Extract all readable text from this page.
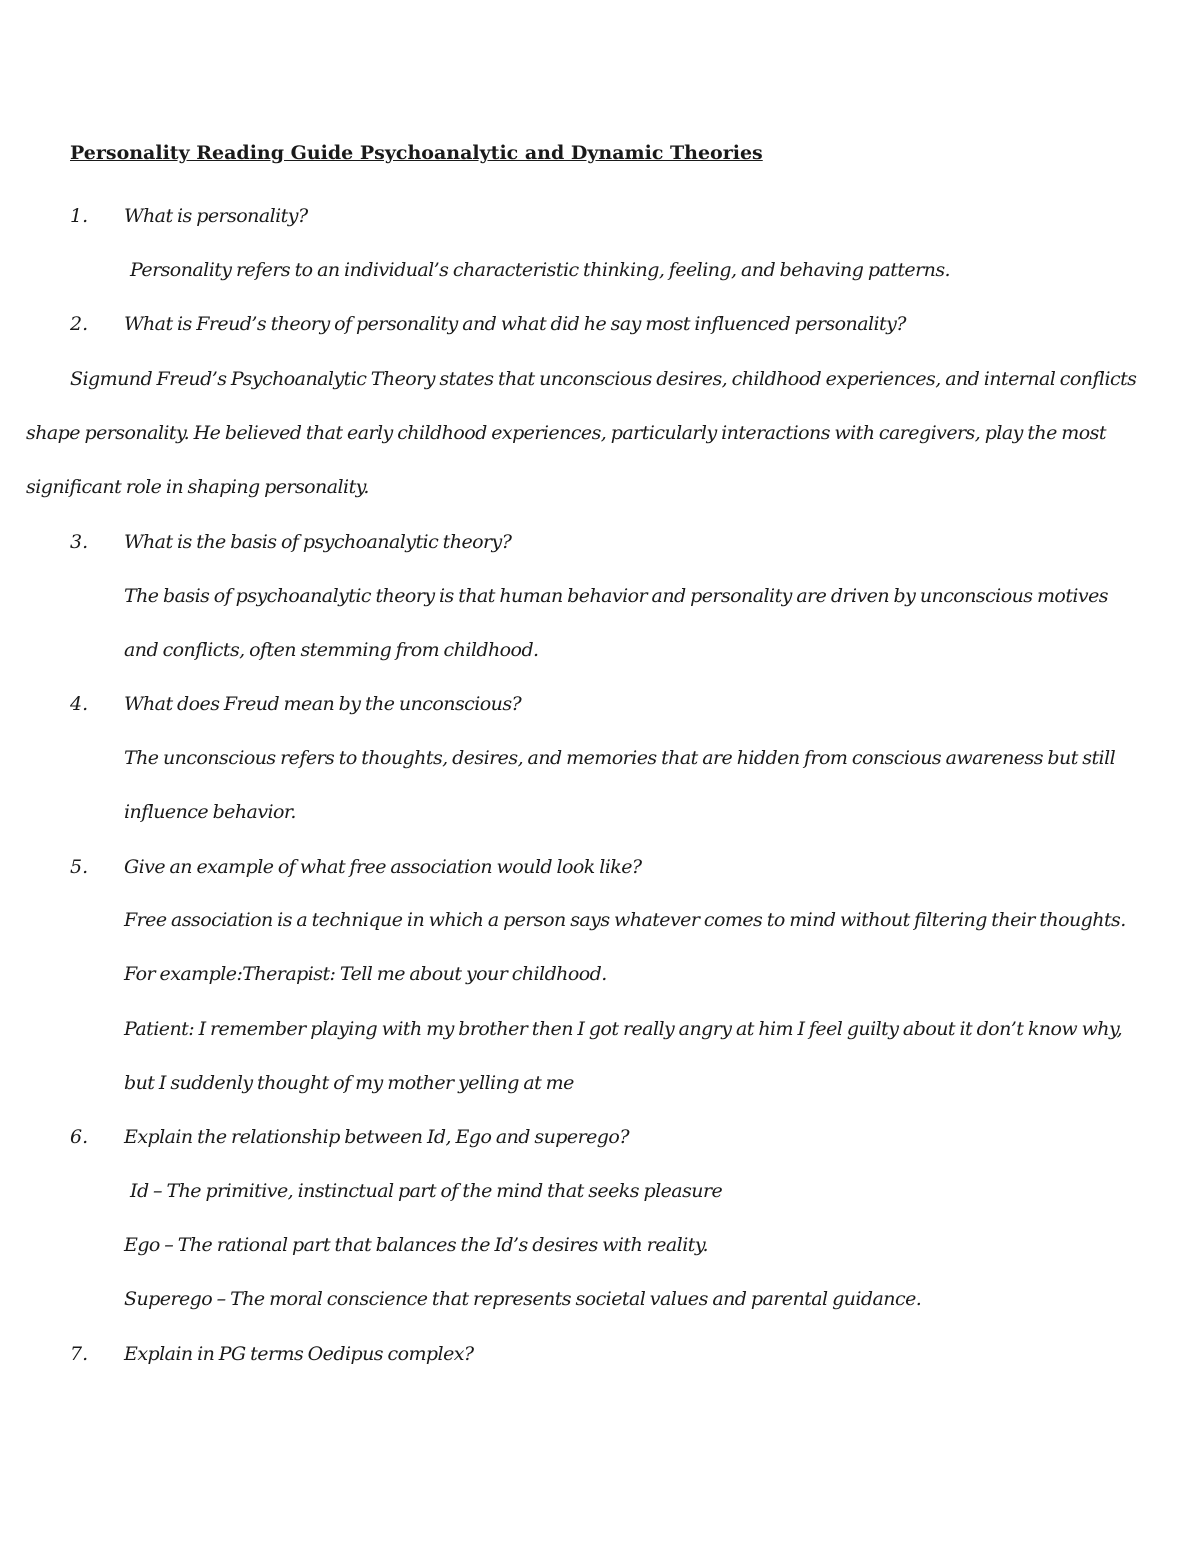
Personality Reading Guide Psychoanalytic and Dynamic Theories
1. What is personality?
Personality refers to an individual’s characteristic thinking, feeling, and behaving patterns.
2. What is Freud’s theory of personality and what did he say most influenced personality?
Sigmund Freud’s Psychoanalytic Theory states that unconscious desires, childhood experiences, and internal conflicts
shape personality. He believed that early childhood experiences, particularly interactions with caregivers, play the most
significant role in shaping personality.
3. What is the basis of psychoanalytic theory?
The basis of psychoanalytic theory is that human behavior and personality are driven by unconscious motives
and conflicts, often stemming from childhood.
4. What does Freud mean by the unconscious?
The unconscious refers to thoughts, desires, and memories that are hidden from conscious awareness but still
influence behavior.
5. Give an example of what free association would look like?
Free association is a technique in which a person says whatever comes to mind without filtering their thoughts.
For example:Therapist: Tell me about your childhood.
Patient: I remember playing with my brother then I got really angry at him I feel guilty about it don’t know why,
but I suddenly thought of my mother yelling at me
6. Explain the relationship between Id, Ego and superego?
Id – The primitive, instinctual part of the mind that seeks pleasure
Ego – The rational part that balances the Id’s desires with reality.
Superego – The moral conscience that represents societal values and parental guidance.
7. Explain in PG terms Oedipus complex?
